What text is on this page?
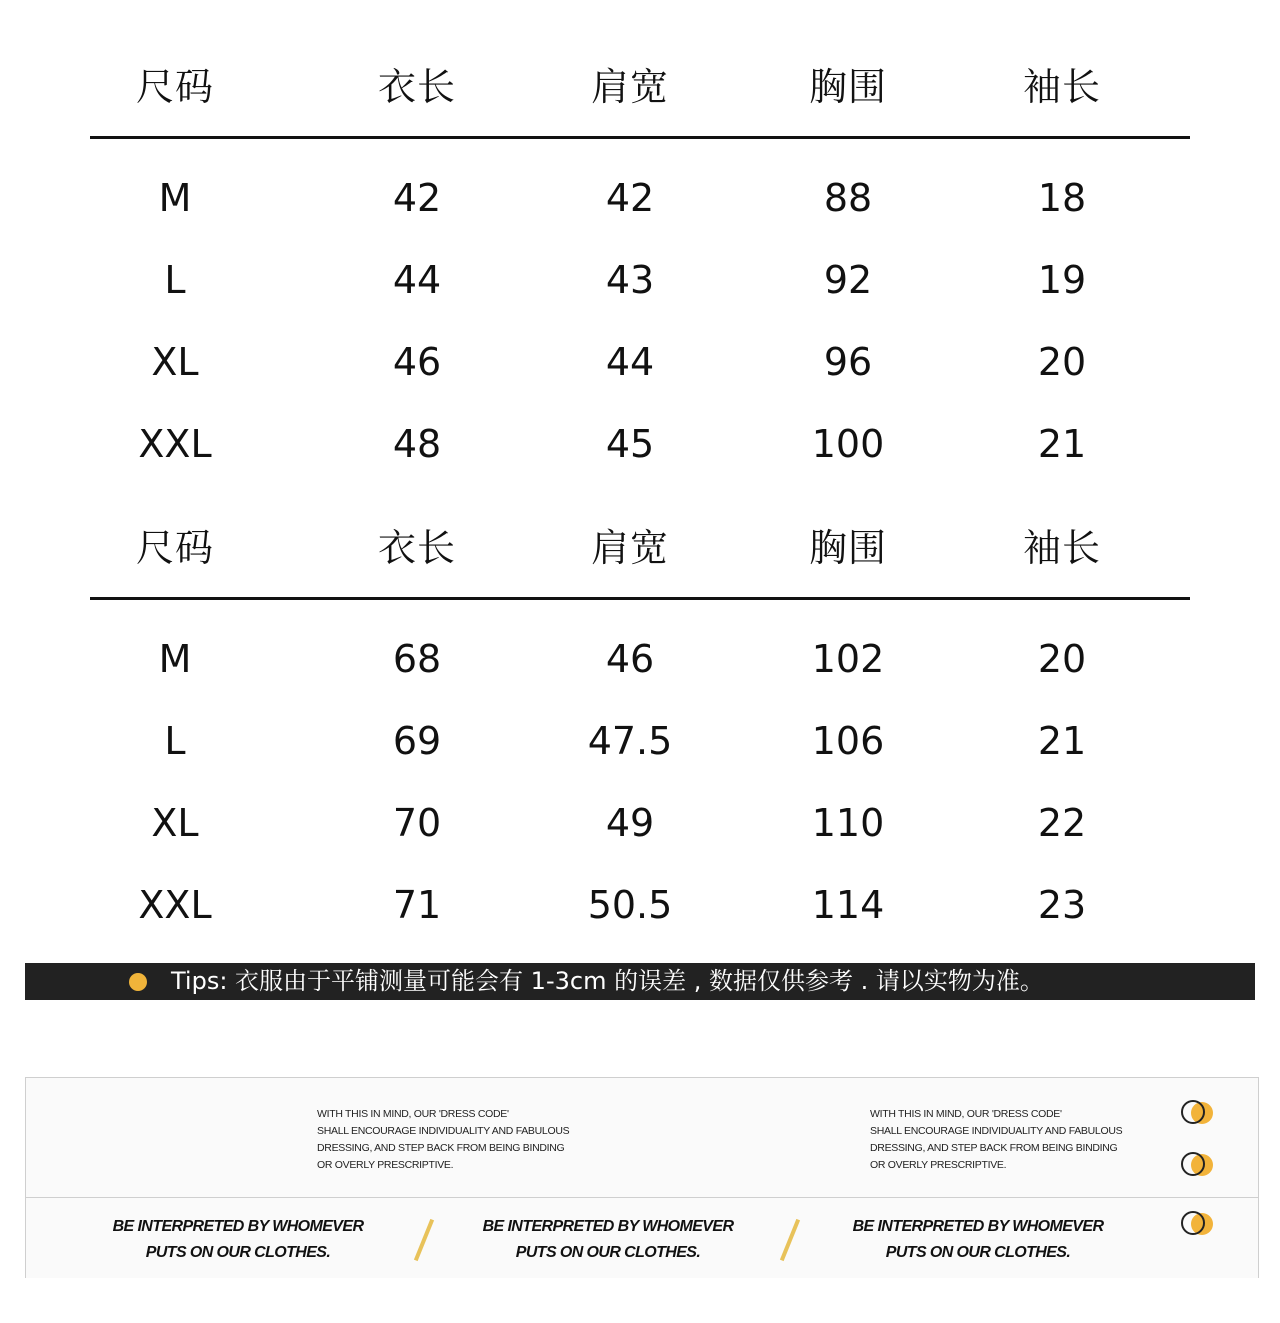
尺码	衣长	肩宽	胸围	袖长
M	42	42	88	18
L	44	43	92	19
XL	46	44	96	20
XXL	48	45	100	21
尺码	衣长	肩宽	胸围	袖长
M	68	46	102	20
L	69	47.5	106	21
XL	70	49	110	22
XXL	71	50.5	114	23
Tips: 衣服由于平铺测量可能会有 1-3cm 的误差 , 数据仅供参考 . 请以实物为准。
WITH THIS IN MIND, OUR 'DRESS CODE'
SHALL ENCOURAGE INDIVIDUALITY AND FABULOUS
DRESSING, AND STEP BACK FROM BEING BINDING
OR OVERLY PRESCRIPTIVE.
WITH THIS IN MIND, OUR 'DRESS CODE'
SHALL ENCOURAGE INDIVIDUALITY AND FABULOUS
DRESSING, AND STEP BACK FROM BEING BINDING
OR OVERLY PRESCRIPTIVE.
BE INTERPRETED BY WHOMEVER
PUTS ON OUR CLOTHES.
BE INTERPRETED BY WHOMEVER
PUTS ON OUR CLOTHES.
BE INTERPRETED BY WHOMEVER
PUTS ON OUR CLOTHES.
